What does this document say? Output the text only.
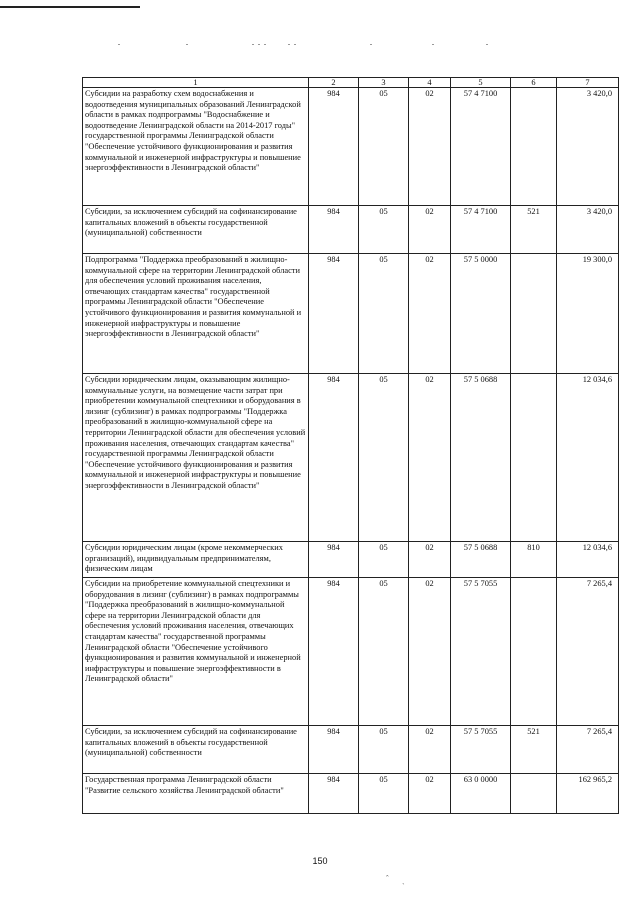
1	2	3	4	5	6	7
Субсидии на разработку схем водоснабжения и водоотведения муниципальных образований Ленинградской области в рамках подпрограммы "Водоснабжение и водоотведение Ленинградской области на 2014-2017 годы" государственной программы Ленинградской области "Обеспечение устойчивого функционирования и развития коммунальной и инженерной инфраструктуры и повышение энергоэффективности в Ленинградской области"	984	05	02	57 4 7100		3 420,0
Субсидии, за исключением субсидий на софинансирование капитальных вложений в объекты государственной (муниципальной) собственности	984	05	02	57 4 7100	521	3 420,0
Подпрограмма "Поддержка преобразований в жилищно-коммунальной сфере на территории Ленинградской области для обеспечения условий проживания населения, отвечающих стандартам качества" государственной программы Ленинградской области "Обеспечение устойчивого функционирования и развития коммунальной и инженерной инфраструктуры и повышение энергоэффективности в Ленинградской области"	984	05	02	57 5 0000		19 300,0
Субсидии юридическим лицам, оказывающим жилищно-коммунальные услуги, на возмещение части затрат при приобретении коммунальной спецтехники и оборудования в лизинг (сублизинг) в рамках подпрограммы "Поддержка преобразований в жилищно-коммунальной сфере на территории Ленинградской области для обеспечения условий проживания населения, отвечающих стандартам качества" государственной программы Ленинградской области "Обеспечение устойчивого функционирования и развития коммунальной и инженерной инфраструктуры и повышение энергоэффективности в Ленинградской области"	984	05	02	57 5 0688		12 034,6
Субсидии юридическим лицам (кроме некоммерческих организаций), индивидуальным предпринимателям, физическим лицам	984	05	02	57 5 0688	810	12 034,6
Субсидии на приобретение коммунальной спецтехники и оборудования в лизинг (сублизинг) в рамках подпрограммы "Поддержка преобразований в жилищно-коммунальной сфере на территории Ленинградской области для обеспечения условий проживания населения, отвечающих стандартам качества" государственной программы Ленинградской области "Обеспечение устойчивого функционирования и развития коммунальной и инженерной инфраструктуры и повышение энергоэффективности в Ленинградской области"	984	05	02	57 5 7055		7 265,4
Субсидии, за исключением субсидий на софинансирование капитальных вложений в объекты государственной (муниципальной) собственности	984	05	02	57 5 7055	521	7 265,4
Государственная программа Ленинградской области "Развитие сельского хозяйства Ленинградской области"	984	05	02	63 0 0000		162 965,2
150
ˆ
`
